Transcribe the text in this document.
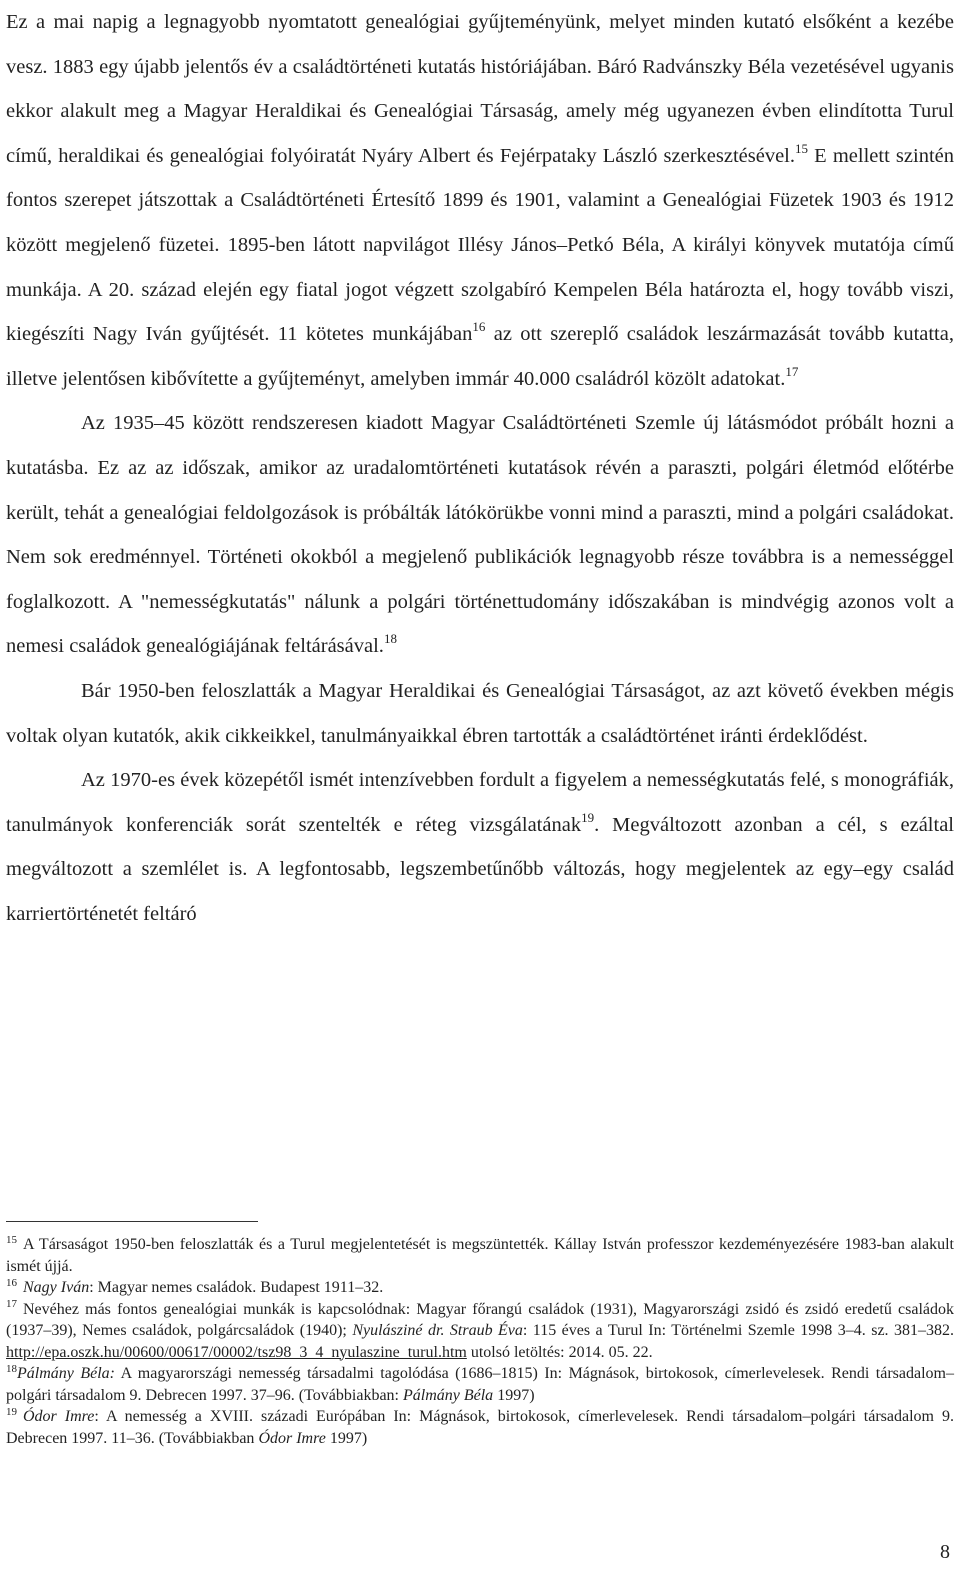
Ez a mai napig a legnagyobb nyomtatott genealógiai gyűjteményünk, melyet minden kutató elsőként a kezébe vesz. 1883 egy újabb jelentős év a családtörténeti kutatás históriájában. Báró Radvánszky Béla vezetésével ugyanis ekkor alakult meg a Magyar Heraldikai és Genealógiai Társaság, amely még ugyanezen évben elindította Turul című, heraldikai és genealógiai folyóiratát Nyáry Albert és Fejérpataky László szerkesztésével.$^{15}$ E mellett szintén fontos szerepet játszottak a Családtörténeti Értesítő 1899 és 1901, valamint a Genealógiai Füzetek 1903 és 1912 között megjelenő füzetei. 1895-ben látott napvilágot Illésy János–Petkó Béla, A királyi könyvek mutatója című munkája. A 20. század elején egy fiatal jogot végzett szolgabíró Kempelen Béla határozta el, hogy tovább viszi, kiegészíti Nagy Iván gyűjtését. 11 kötetes munkájában$^{16}$ az ott szereplő családok leszármazását tovább kutatta, illetve jelentősen kibővítette a gyűjteményt, amelyben immár 40.000 családról közölt adatokat.$^{17}$

Az 1935–45 között rendszeresen kiadott Magyar Családtörténeti Szemle új látásmódot próbált hozni a kutatásba. Ez az az időszak, amikor az uradalomtörténeti kutatások révén a paraszti, polgári életmód előtérbe került, tehát a genealógiai feldolgozások is próbálták látókörükbe vonni mind a paraszti, mind a polgári családokat. Nem sok eredménnyel. Történeti okokból a megjelenő publikációk legnagyobb része továbbra is a nemességgel foglalkozott. A "nemességkutatás" nálunk a polgári történettudomány időszakában is mindvégig azonos volt a nemesi családok genealógiájának feltárásával.$^{18}$

Bár 1950-ben feloszlatták a Magyar Heraldikai és Genealógiai Társaságot, az azt követő években mégis voltak olyan kutatók, akik cikkeikkel, tanulmányaikkal ébren tartották a családtörténet iránti érdeklődést.

Az 1970-es évek közepétől ismét intenzívebben fordult a figyelem a nemességkutatás felé, s monográfiák, tanulmányok konferenciák sorát szentelték e réteg vizsgálatának$^{19}$. Megváltozott azonban a cél, s ezáltal megváltozott a szemlélet is. A legfontosabb, legszembetűnőbb változás, hogy megjelentek az egy–egy család karriertörténetét feltáró

$^{15}$ A Társaságot 1950-ben feloszlatták és a Turul megjelentetését is megszüntették. Kállay István professzor kezdeményezésére 1983-ban alakult ismét újjá.

$^{16}$ Nagy Iván: Magyar nemes családok. Budapest 1911–32.

$^{17}$ Nevéhez más fontos genealógiai munkák is kapcsolódnak: Magyar főrangú családok (1931), Magyarországi zsidó és zsidó eredetű családok (1937–39), Nemes családok, polgárcsaládok (1940); Nyulásziné dr. Straub Éva: 115 éves a Turul In: Történelmi Szemle 1998 3–4. sz. 381–382. http://epa.oszk.hu/00600/00617/00002/tsz98_3_4_nyulaszine_turul.htm utolsó letöltés: 2014. 05. 22.

$^{18}$Pálmány Béla: A magyarországi nemesség társadalmi tagolódása (1686–1815) In: Mágnások, birtokosok, címerlevelesek. Rendi társadalom–polgári társadalom 9. Debrecen 1997. 37–96. (Továbbiakban: Pálmány Béla 1997)

$^{19}$ Ódor Imre: A nemesség a XVIII. századi Európában In: Mágnások, birtokosok, címerlevelesek. Rendi társadalom–polgári társadalom 9. Debrecen 1997. 11–36. (Továbbiakban Ódor Imre 1997)

8
